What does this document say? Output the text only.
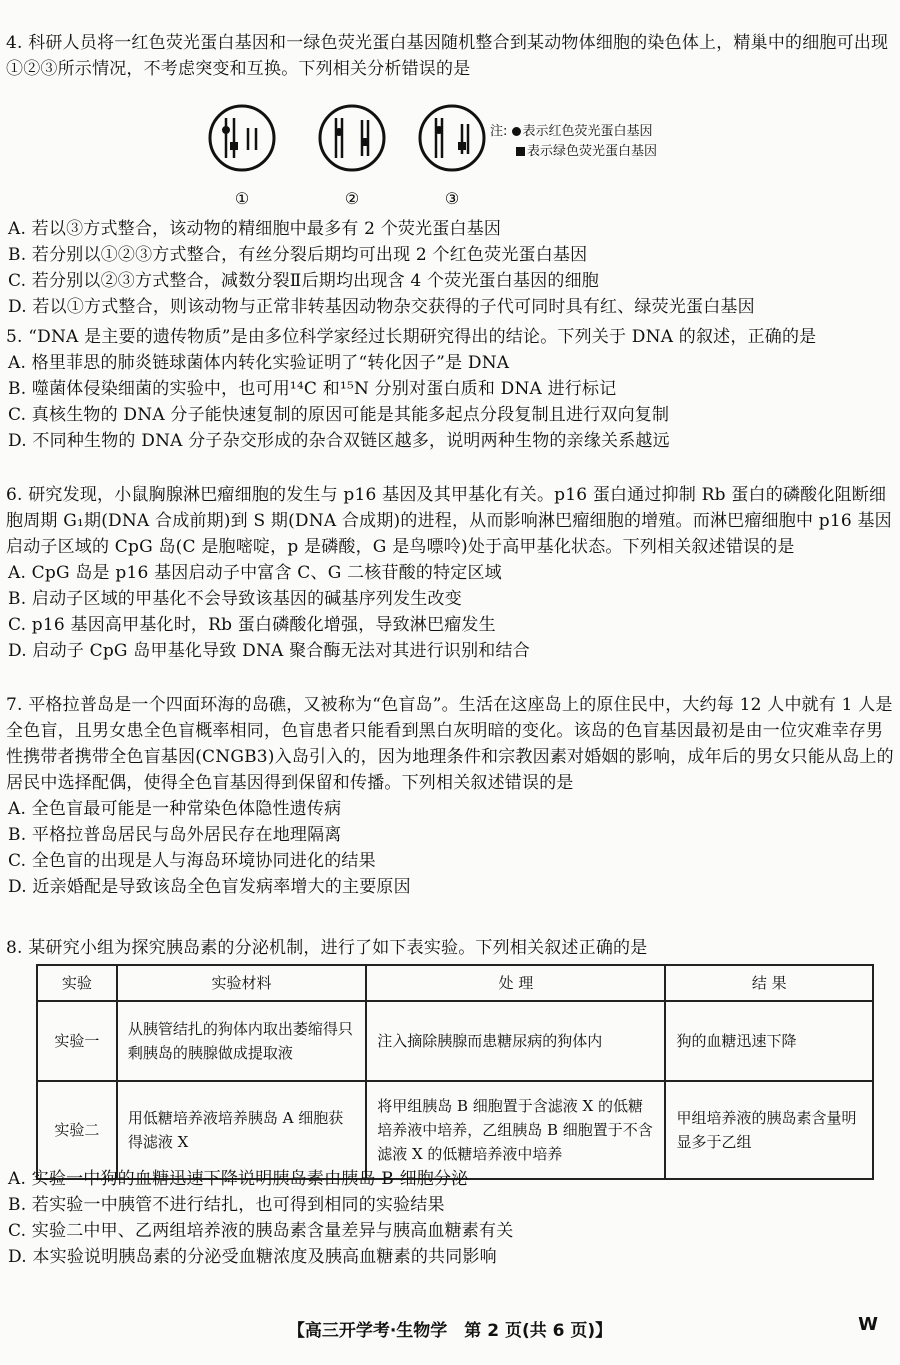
4. 科研人员将一红色荧光蛋白基因和一绿色荧光蛋白基因随机整合到某动物体细胞的染色体上，精巢中的细胞可出现①②③所示情况，不考虑突变和互换。下列相关分析错误的是

①	②	③
注: 表示红色荧光蛋白基因
表示绿色荧光蛋白基因

A. 若以③方式整合，该动物的精细胞中最多有 2 个荧光蛋白基因

B. 若分别以①②③方式整合，有丝分裂后期均可出现 2 个红色荧光蛋白基因

C. 若分别以②③方式整合，减数分裂Ⅱ后期均出现含 4 个荧光蛋白基因的细胞

D. 若以①方式整合，则该动物与正常非转基因动物杂交获得的子代可同时具有红、绿荧光蛋白基因

5. “DNA 是主要的遗传物质”是由多位科学家经过长期研究得出的结论。下列关于 DNA 的叙述，正确的是

A. 格里菲思的肺炎链球菌体内转化实验证明了“转化因子”是 DNA

B. 噬菌体侵染细菌的实验中，也可用¹⁴C 和¹⁵N 分别对蛋白质和 DNA 进行标记

C. 真核生物的 DNA 分子能快速复制的原因可能是其能多起点分段复制且进行双向复制

D. 不同种生物的 DNA 分子杂交形成的杂合双链区越多，说明两种生物的亲缘关系越远

6. 研究发现，小鼠胸腺淋巴瘤细胞的发生与 p16 基因及其甲基化有关。p16 蛋白通过抑制 Rb 蛋白的磷酸化阻断细胞周期 G₁期(DNA 合成前期)到 S 期(DNA 合成期)的进程，从而影响淋巴瘤细胞的增殖。而淋巴瘤细胞中 p16 基因启动子区域的 CpG 岛(C 是胞嘧啶，p 是磷酸，G 是鸟嘌呤)处于高甲基化状态。下列相关叙述错误的是

A. CpG 岛是 p16 基因启动子中富含 C、G 二核苷酸的特定区域

B. 启动子区域的甲基化不会导致该基因的碱基序列发生改变

C. p16 基因高甲基化时，Rb 蛋白磷酸化增强，导致淋巴瘤发生

D. 启动子 CpG 岛甲基化导致 DNA 聚合酶无法对其进行识别和结合

7. 平格拉普岛是一个四面环海的岛礁，又被称为“色盲岛”。生活在这座岛上的原住民中，大约每 12 人中就有 1 人是全色盲，且男女患全色盲概率相同，色盲患者只能看到黑白灰明暗的变化。该岛的色盲基因最初是由一位灾难幸存男性携带者携带全色盲基因(CNGB3)入岛引入的，因为地理条件和宗教因素对婚姻的影响，成年后的男女只能从岛上的居民中选择配偶，使得全色盲基因得到保留和传播。下列相关叙述错误的是

A. 全色盲最可能是一种常染色体隐性遗传病

B. 平格拉普岛居民与岛外居民存在地理隔离

C. 全色盲的出现是人与海岛环境协同进化的结果

D. 近亲婚配是导致该岛全色盲发病率增大的主要原因

8. 某研究小组为探究胰岛素的分泌机制，进行了如下表实验。下列相关叙述正确的是

实验	实验材料	处 理	结 果
实验一	从胰管结扎的狗体内取出萎缩得只剩胰岛的胰腺做成提取液	注入摘除胰腺而患糖尿病的狗体内	狗的血糖迅速下降
实验二	用低糖培养液培养胰岛 A 细胞获得滤液 X	将甲组胰岛 B 细胞置于含滤液 X 的低糖培养液中培养，乙组胰岛 B 细胞置于不含滤液 X 的低糖培养液中培养	甲组培养液的胰岛素含量明显多于乙组

A. 实验一中狗的血糖迅速下降说明胰岛素由胰岛 B 细胞分泌

B. 若实验一中胰管不进行结扎，也可得到相同的实验结果

C. 实验二中甲、乙两组培养液的胰岛素含量差异与胰高血糖素有关

D. 本实验说明胰岛素的分泌受血糖浓度及胰高血糖素的共同影响

【高三开学考·生物学　第 2 页(共 6 页)】	W
